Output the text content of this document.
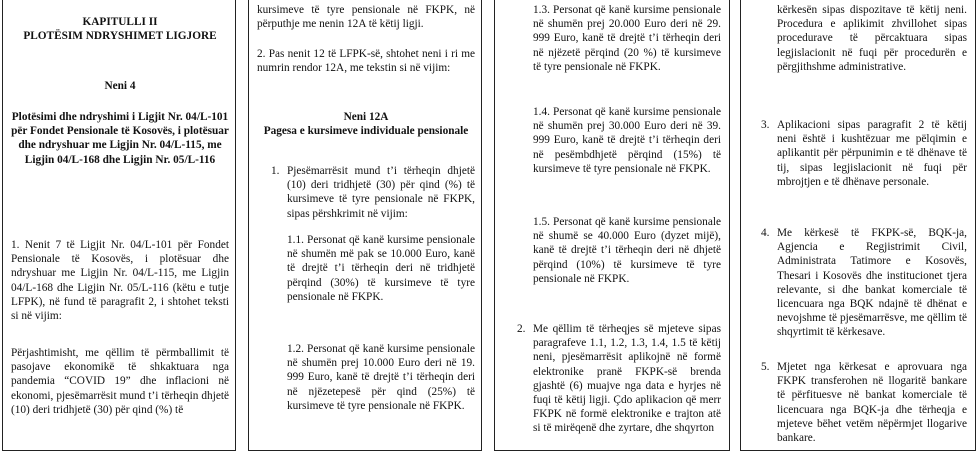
KAPITULLI II

PLOTËSIM NDRYSHIMET LIGJORE

Neni 4

Plotësimi dhe ndryshimi i Ligjit Nr. 04/L-101 për Fondet Pensionale të Kosovës, i plotësuar dhe ndryshuar me Ligjin Nr. 04/L-115, me Ligjin 04/L-168 dhe Ligjin Nr. 05/L-116

1. Nenit 7 të Ligjit Nr. 04/L-101 për Fondet Pensionale të Kosovës, i plotësuar dhe ndryshuar me Ligjin Nr. 04/L-115, me Ligjin 04/L-168 dhe Ligjin Nr. 05/L-116 (këtu e tutje LFPK), në fund të paragrafit 2, i shtohet teksti si në vijim:

Përjashtimisht, me qëllim të përmballimit të pasojave ekonomikë të shkaktuara nga pandemia “COVID 19” dhe inflacioni në ekonomi, pjesëmarrësit mund t’i tërheqin dhjetë (10) deri tridhjetë (30) për qind (%) të

kursimeve të tyre pensionale në FKPK, në përputhje me nenin 12A të këtij ligji.

2. Pas nenit 12 të LFPK-së, shtohet neni i ri me numrin rendor 12A, me tekstin si në vijim:

Neni 12A

Pagesa e kursimeve individuale pensionale

1. Pjesëmarrësit mund t’i tërheqin dhjetë (10) deri tridhjetë (30) për qind (%) të kursimeve të tyre pensionale në FKPK, sipas përshkrimit në vijim:

1.1. Personat që kanë kursime pensionale në shumën më pak se 10.000 Euro, kanë të drejtë t’i tërheqin deri në tridhjetë përqind (30%) të kursimeve të tyre pensionale në FKPK.

1.2. Personat që kanë kursime pensionale në shumën prej 10.000 Euro deri në 19. 999 Euro, kanë të drejtë t’i tërheqin deri në njëzetepesë për qind (25%) të kursimeve të tyre pensionale në FKPK.

1.3. Personat që kanë kursime pensionale në shumën prej 20.000 Euro deri në 29. 999 Euro, kanë të drejtë t’i tërheqin deri në njëzetë përqind (20 %) të kursimeve të tyre pensionale në FKPK.

1.4. Personat që kanë kursime pensionale në shumën prej 30.000 Euro deri në 39. 999 Euro, kanë të drejtë t’i tërheqin deri në pesëmbdhjetë përqind (15%) të kursimeve të tyre pensionale në FKPK.

1.5. Personat që kanë kursime pensionale në shumë se 40.000 Euro (dyzet mijë), kanë të drejtë t’i tërheqin deri në dhjetë përqind (10%) të kursimeve të tyre pensionale në FKPK.

2. Me qëllim të tërheqjes së mjeteve sipas paragrafeve 1.1, 1.2, 1.3, 1.4, 1.5 të këtij neni, pjesëmarrësit aplikojnë në formë elektronike pranë FKPK-së brenda gjashtë (6) muajve nga data e hyrjes në fuqi të këtij ligji. Çdo aplikacion që merr FKPK në formë elektronike e trajton atë si të mirëqenë dhe zyrtare, dhe shqyrton

kërkesën sipas dispozitave të këtij neni. Procedura e aplikimit zhvillohet sipas procedurave të përcaktuara sipas legjislacionit në fuqi për procedurën e përgjithshme administrative.

3. Aplikacioni sipas paragrafit 2 të këtij neni është i kushtëzuar me pëlqimin e aplikantit për përpunimin e të dhënave të tij, sipas legjislacionit në fuqi për mbrojtjen e të dhënave personale.

4. Me kërkesë të FKPK-së, BQK-ja, Agjencia e Regjistrimit Civil, Administrata Tatimore e Kosovës, Thesari i Kosovës dhe institucionet tjera relevante, si dhe bankat komerciale të licencuara nga BQK ndajnë të dhënat e nevojshme të pjesëmarrësve, me qëllim të shqyrtimit të kërkesave.

5. Mjetet nga kërkesat e aprovuara nga FKPK transferohen në llogaritë bankare të përfituesve në bankat komerciale të licencuara nga BQK-ja dhe tërheqja e mjeteve bëhet vetëm nëpërmjet llogarive bankare.
